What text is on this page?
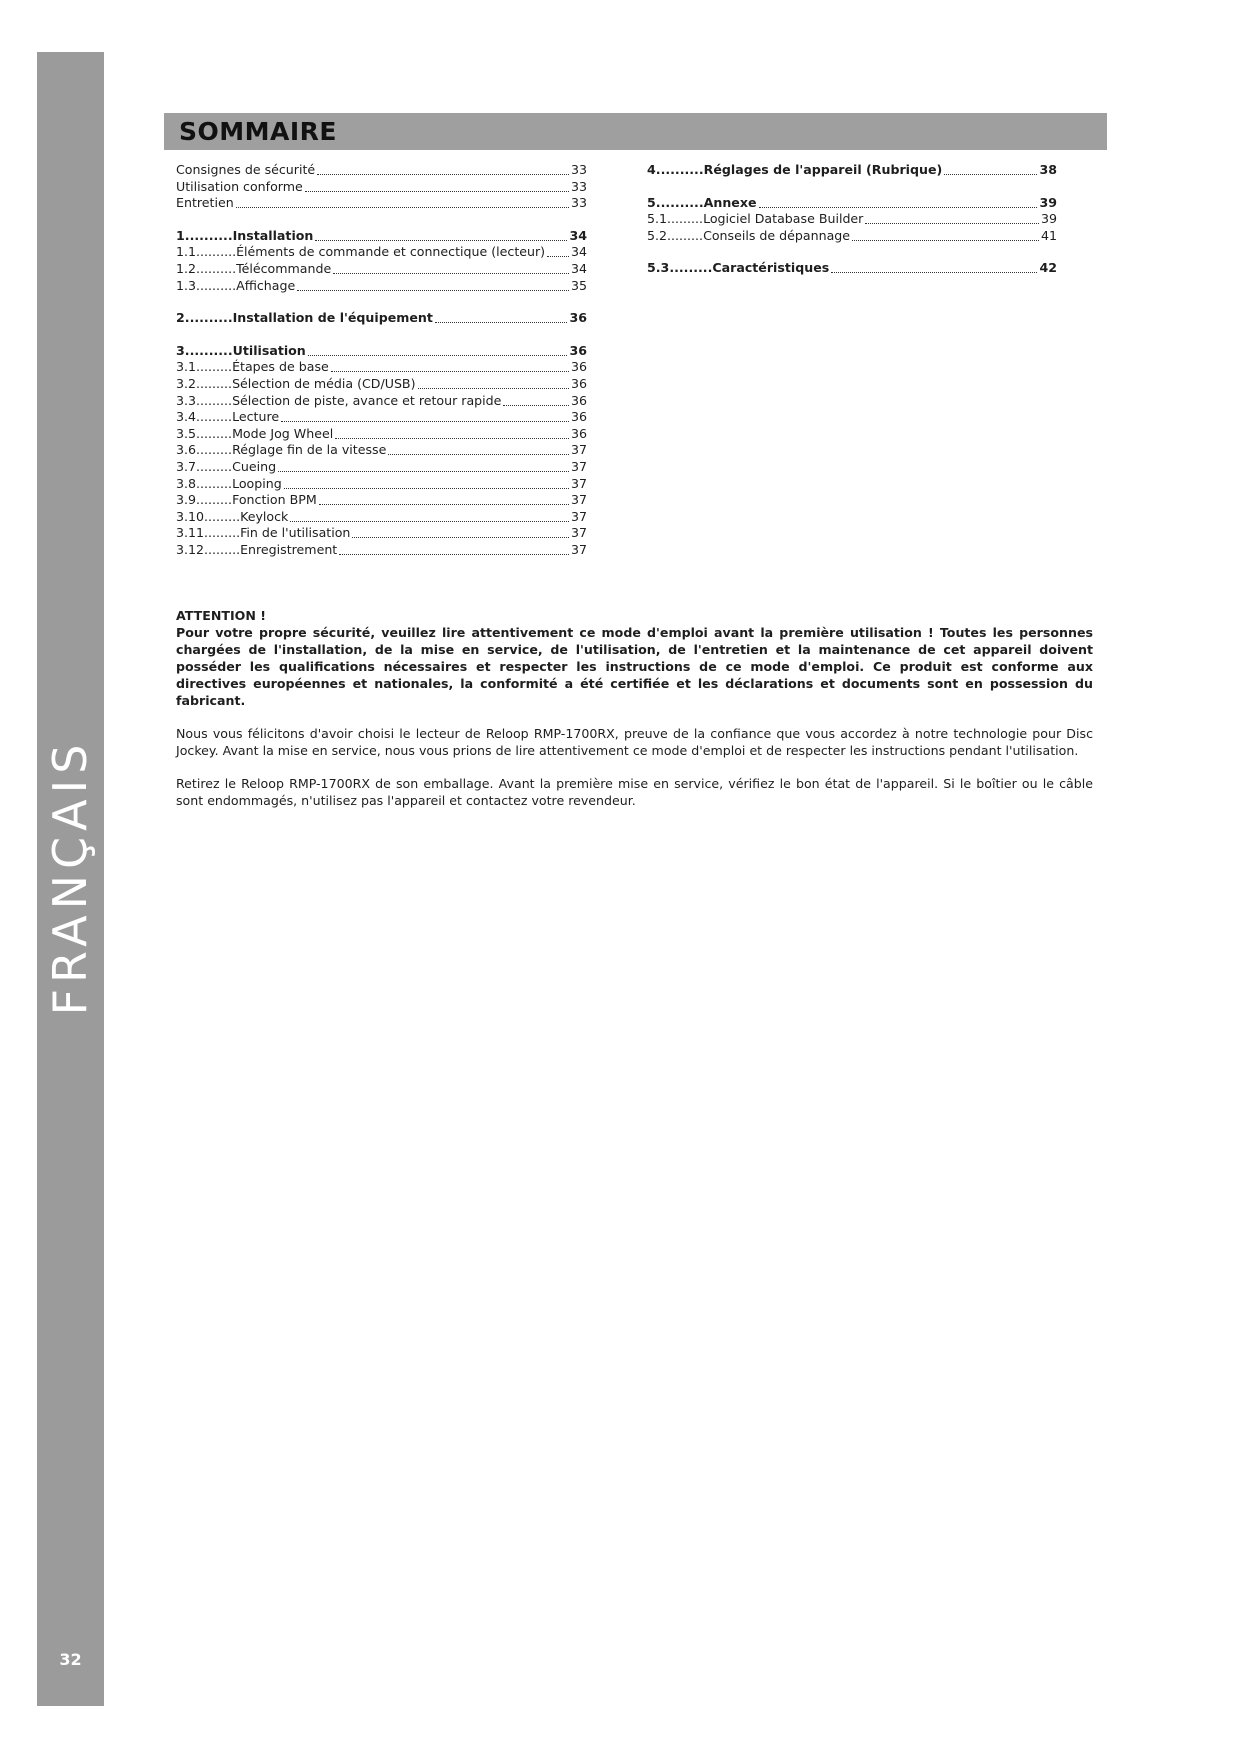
FRANÇAIS
32
SOMMAIRE
Consignes de sécurité	33
Utilisation conforme	33
Entretien	33
1. .....	Installation	34
1.1. .....	Éléments de commande et connectique (lecteur) 34
1.2. .....	Télécommande	34
1.3. .....	Affichage	35
2. .....	Installation de l'équipement	36
3. .....	Utilisation	36
3.1 .....	Étapes de base	36
3.2 .....	Sélection de média (CD/USB)	36
3.3 .....	Sélection de piste, avance et retour rapide	36
3.4 .....	Lecture	36
3.5 .....	Mode Jog Wheel	36
3.6 .....	Réglage fin de la vitesse	37
3.7 .....	Cueing	37
3.8 .....	Looping	37
3.9 .....	Fonction BPM	37
3.10 .....	Keylock	37
3.11 .....	Fin de l'utilisation	37
3.12 .....	Enregistrement	37
4. .....	Réglages de l'appareil (Rubrique)	38
5. .....	Annexe	39
5.1 .....	Logiciel Database Builder	39
5.2 .....	Conseils de dépannage	41
5.3 .....	Caractéristiques	42
ATTENTION !

Pour votre propre sécurité, veuillez lire attentivement ce mode d'emploi avant la première utilisation ! Toutes les personnes chargées de l'installation, de la mise en service, de l'utilisation, de l'entretien et la maintenance de cet appareil doivent posséder les qualifications nécessaires et respecter les instructions de ce mode d'emploi. Ce produit est conforme aux directives européennes et nationales, la conformité a été certifiée et les déclarations et documents sont en possession du fabricant.

Nous vous félicitons d'avoir choisi le lecteur de Reloop RMP-1700RX, preuve de la confiance que vous accordez à notre technologie pour Disc Jockey. Avant la mise en service, nous vous prions de lire attentivement ce mode d'emploi et de respecter les instructions pendant l'utilisation.

Retirez le Reloop RMP-1700RX de son emballage. Avant la première mise en service, vérifiez le bon état de l'appareil. Si le boîtier ou le câble sont endommagés, n'utilisez pas l'appareil et contactez votre revendeur.
